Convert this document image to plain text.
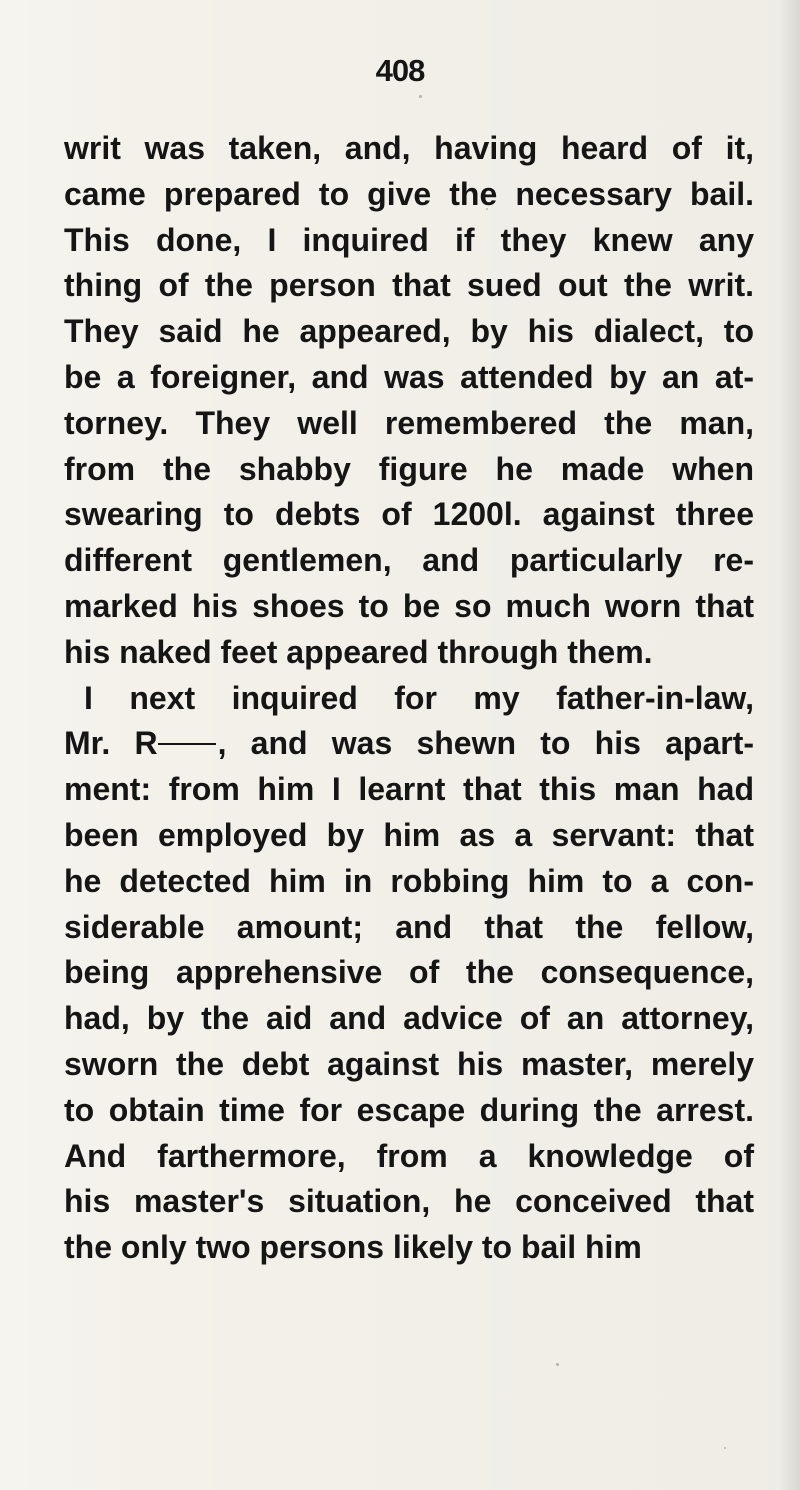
408
writ was taken, and, having heard of it,
came prepared to give the necessary bail.
This done, I inquired if they knew any
thing of the person that sued out the writ.
They said he appeared, by his dialect, to
be a foreigner, and was attended by an at-
torney. They well remembered the man,
from the shabby figure he made when
swearing to debts of 1200l. against three
different gentlemen, and particularly re-
marked his shoes to be so much worn that
his naked feet appeared through them.
I next inquired for my father-in-law,
Mr. R , and was shewn to his apart-
ment: from him I learnt that this man had
been employed by him as a servant: that
he detected him in robbing him to a con-
siderable amount; and that the fellow,
being apprehensive of the consequence,
had, by the aid and advice of an attorney,
sworn the debt against his master, merely
to obtain time for escape during the arrest.
And farthermore, from a knowledge of
his master's situation, he conceived that
the only two persons likely to bail him
